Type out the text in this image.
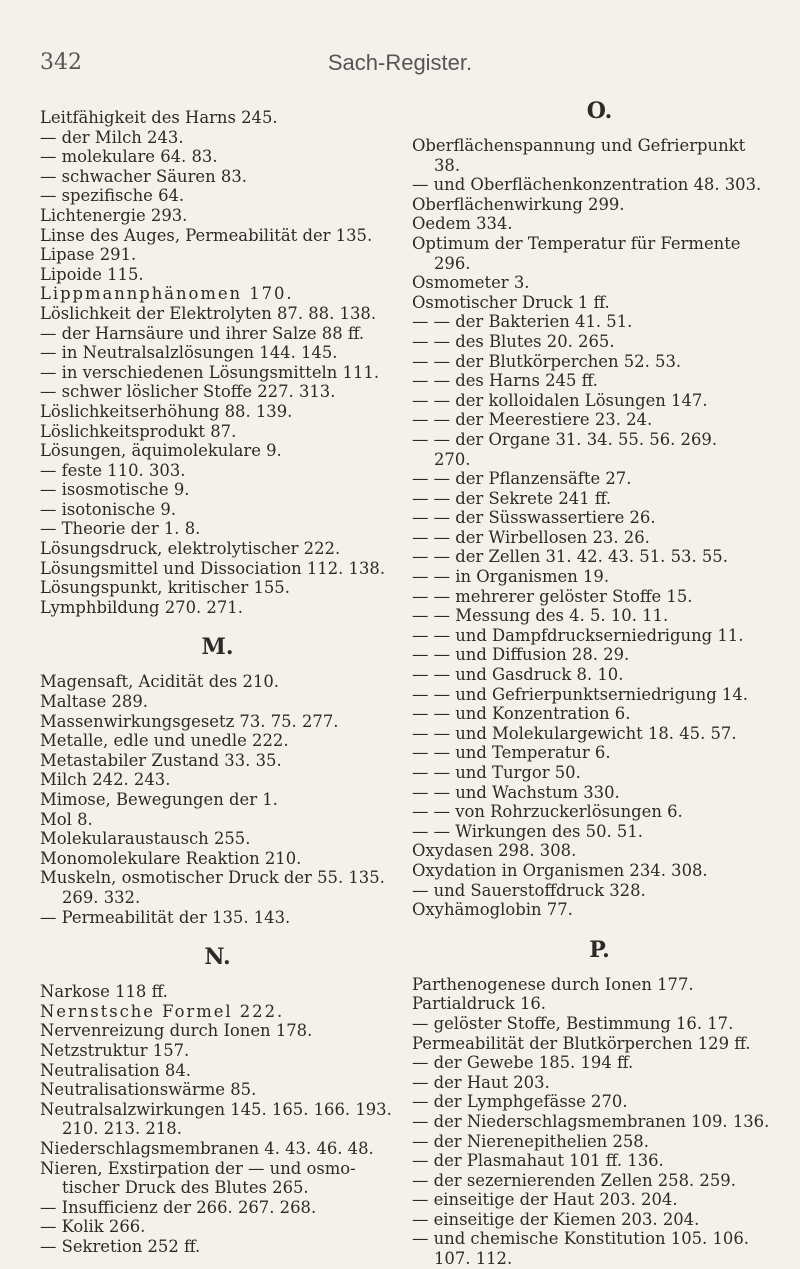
342	Sach-Register.
Leitfähigkeit des Harns 245.
— der Milch 243.
— molekulare 64. 83.
— schwacher Säuren 83.
— spezifische 64.
Lichtenergie 293.
Linse des Auges, Permeabilität der 135.
Lipase 291.
Lipoide 115.
Lippmannphänomen 170.
Löslichkeit der Elektrolyten 87. 88. 138.
— der Harnsäure und ihrer Salze 88 ff.
— in Neutralsalzlösungen 144. 145.
— in verschiedenen Lösungsmitteln 111.
— schwer löslicher Stoffe 227. 313.
Löslichkeitserhöhung 88. 139.
Löslichkeitsprodukt 87.
Lösungen, äquimolekulare 9.
— feste 110. 303.
— isosmotische 9.
— isotonische 9.
— Theorie der 1. 8.
Lösungsdruck, elektrolytischer 222.
Lösungsmittel und Dissociation 112. 138.
Lösungspunkt, kritischer 155.
Lymphbildung 270. 271.
M.
Magensaft, Acidität des 210.
Maltase 289.
Massenwirkungsgesetz 73. 75. 277.
Metalle, edle und unedle 222.
Metastabiler Zustand 33. 35.
Milch 242. 243.
Mimose, Bewegungen der 1.
Mol 8.
Molekularaustausch 255.
Monomolekulare Reaktion 210.
Muskeln, osmotischer Druck der 55. 135.
269. 332.
— Permeabilität der 135. 143.
N.
Narkose 118 ff.
Nernstsche Formel 222.
Nervenreizung durch Ionen 178.
Netzstruktur 157.
Neutralisation 84.
Neutralisationswärme 85.
Neutralsalzwirkungen 145. 165. 166. 193.
210. 213. 218.
Niederschlagsmembranen 4. 43. 46. 48.
Nieren, Exstirpation der — und osmo-
tischer Druck des Blutes 265.
— Insufficienz der 266. 267. 268.
— Kolik 266.
— Sekretion 252 ff.
O.
Oberflächenspannung und Gefrierpunkt
38.
— und Oberflächenkonzentration 48. 303.
Oberflächenwirkung 299.
Oedem 334.
Optimum der Temperatur für Fermente
296.
Osmometer 3.
Osmotischer Druck 1 ff.
— — der Bakterien 41. 51.
— — des Blutes 20. 265.
— — der Blutkörperchen 52. 53.
— — des Harns 245 ff.
— — der kolloidalen Lösungen 147.
— — der Meerestiere 23. 24.
— — der Organe 31. 34. 55. 56. 269.
270.
— — der Pflanzensäfte 27.
— — der Sekrete 241 ff.
— — der Süsswassertiere 26.
— — der Wirbellosen 23. 26.
— — der Zellen 31. 42. 43. 51. 53. 55.
— — in Organismen 19.
— — mehrerer gelöster Stoffe 15.
— — Messung des 4. 5. 10. 11.
— — und Dampfdruckserniedrigung 11.
— — und Diffusion 28. 29.
— — und Gasdruck 8. 10.
— — und Gefrierpunktserniedrigung 14.
— — und Konzentration 6.
— — und Molekulargewicht 18. 45. 57.
— — und Temperatur 6.
— — und Turgor 50.
— — und Wachstum 330.
— — von Rohrzuckerlösungen 6.
— — Wirkungen des 50. 51.
Oxydasen 298. 308.
Oxydation in Organismen 234. 308.
— und Sauerstoffdruck 328.
Oxyhämoglobin 77.
P.
Parthenogenese durch Ionen 177.
Partialdruck 16.
— gelöster Stoffe, Bestimmung 16. 17.
Permeabilität der Blutkörperchen 129 ff.
— der Gewebe 185. 194 ff.
— der Haut 203.
— der Lymphgefässe 270.
— der Niederschlagsmembranen 109. 136.
— der Nierenepithelien 258.
— der Plasmahaut 101 ff. 136.
— der sezernierenden Zellen 258. 259.
— einseitige der Haut 203. 204.
— einseitige der Kiemen 203. 204.
— und chemische Konstitution 105. 106.
107. 112.
